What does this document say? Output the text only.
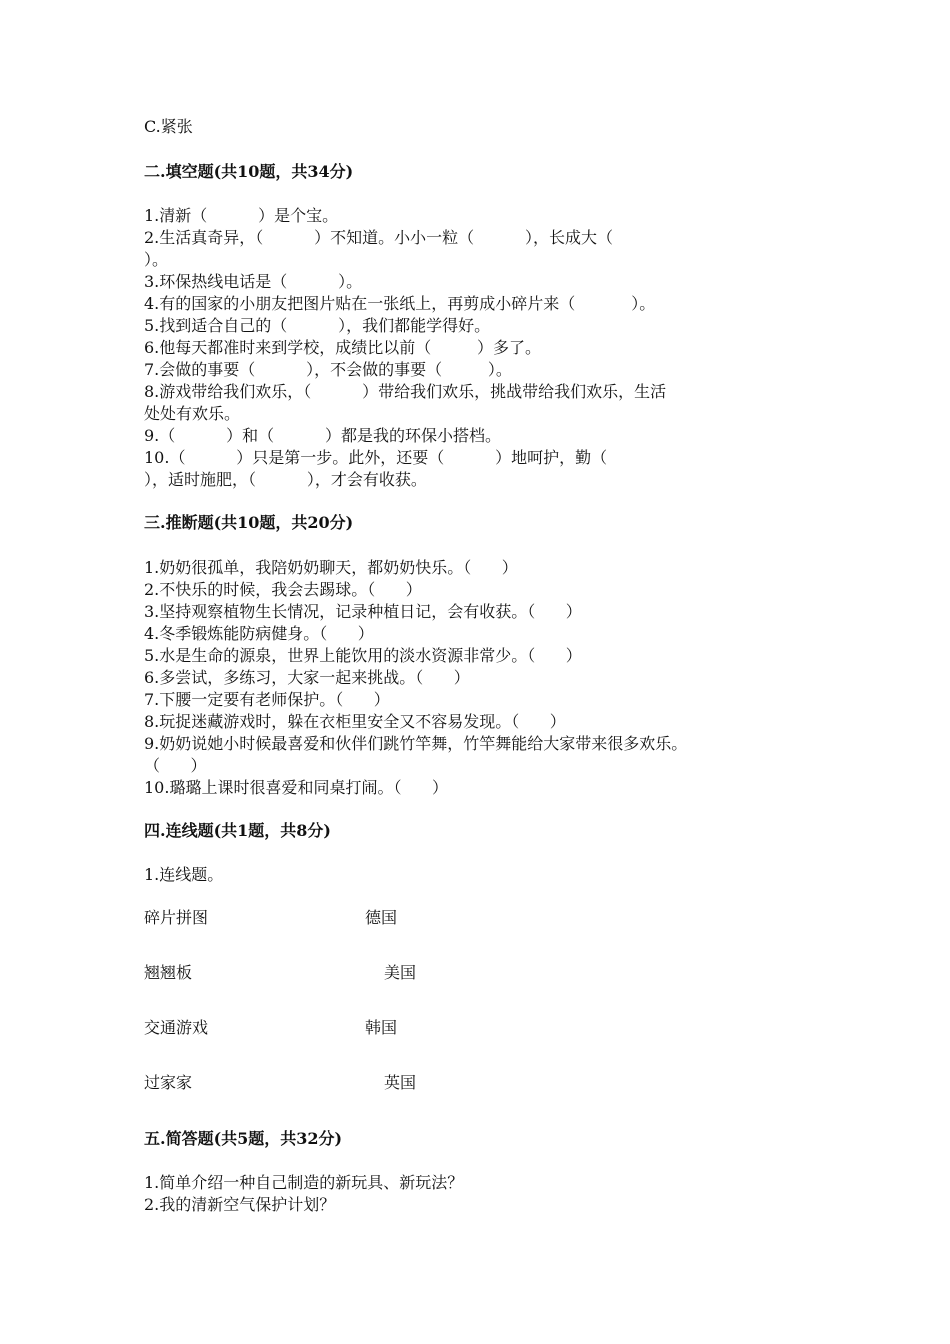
C.紧张
二.填空题(共10题，共34分)
1.清新（          ）是个宝。
2.生活真奇异，（          ）不知道。小小一粒（          ），长成大（
）。
3.环保热线电话是（          ）。
4.有的国家的小朋友把图片贴在一张纸上，再剪成小碎片来（           ）。
5.找到适合自己的（          ），我们都能学得好。
6.他每天都准时来到学校，成绩比以前（         ）多了。
7.会做的事要（          ），不会做的事要（         ）。
8.游戏带给我们欢乐，（          ）带给我们欢乐，挑战带给我们欢乐，生活
处处有欢乐。
9.（          ）和（          ）都是我的环保小搭档。
10.（          ）只是第一步。此外，还要（          ）地呵护，勤（
），适时施肥，（          ），才会有收获。
三.推断题(共10题，共20分)
1.奶奶很孤单，我陪奶奶聊天，都奶奶快乐。（      ）
2.不快乐的时候，我会去踢球。（      ）
3.坚持观察植物生长情况，记录种植日记，会有收获。（      ）
4.冬季锻炼能防病健身。（      ）
5.水是生命的源泉，世界上能饮用的淡水资源非常少。（      ）
6.多尝试，多练习，大家一起来挑战。（      ）
7.下腰一定要有老师保护。（      ）
8.玩捉迷藏游戏时，躲在衣柜里安全又不容易发现。（      ）
9.奶奶说她小时候最喜爱和伙伴们跳竹竿舞，竹竿舞能给大家带来很多欢乐。
（      ）
10.璐璐上课时很喜爱和同桌打闹。（      ）
四.连线题(共1题，共8分)
1.连线题。
碎片拼图	德国
翘翘板	美国
交通游戏	韩国
过家家	英国
五.简答题(共5题，共32分)
1.简单介绍一种自己制造的新玩具、新玩法？
2.我的清新空气保护计划？
